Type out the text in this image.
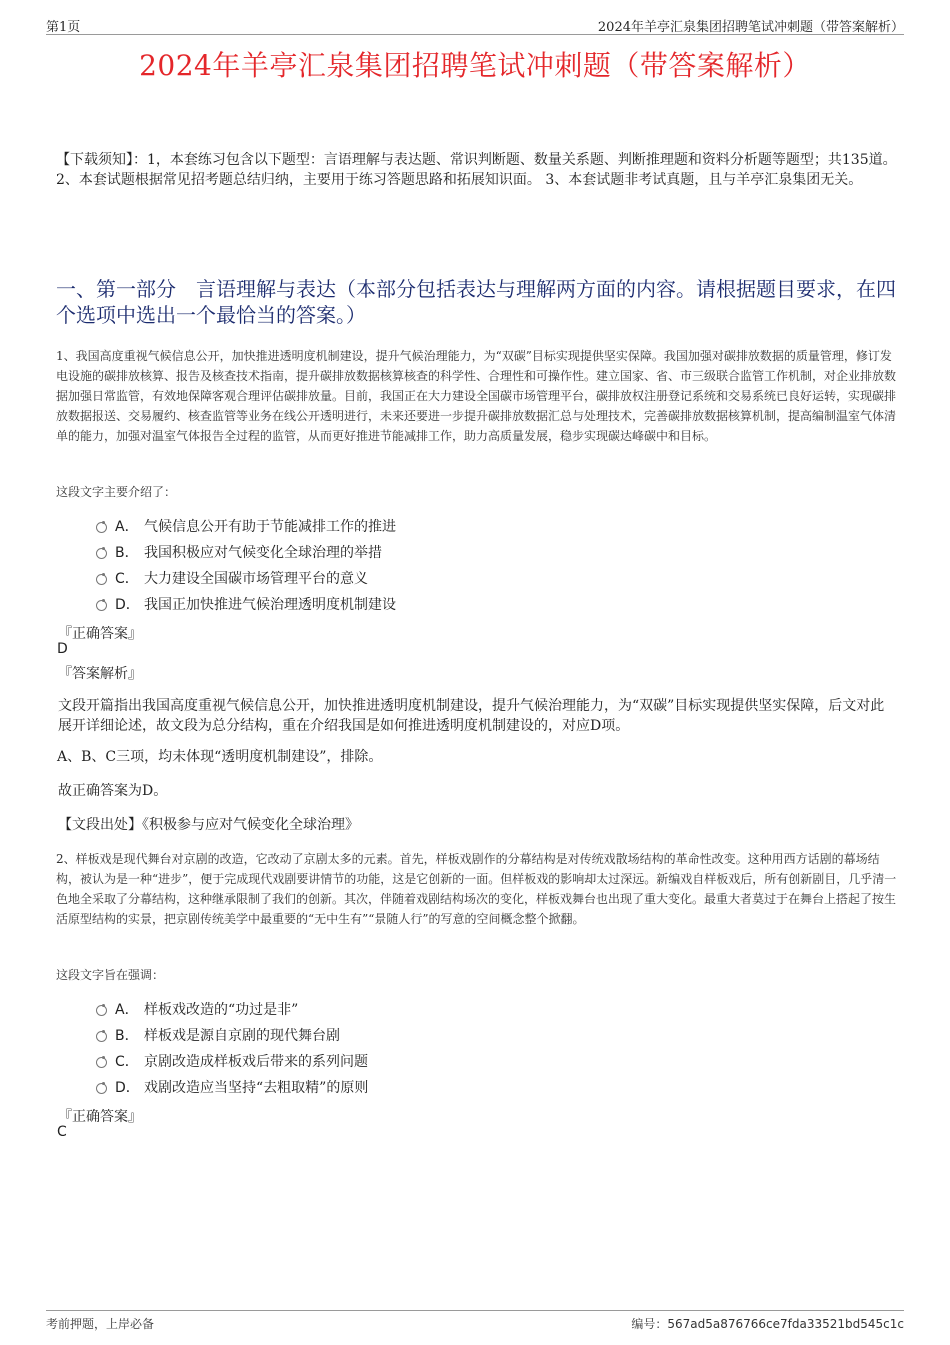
第1页	2024年羊亭汇泉集团招聘笔试冲刺题（带答案解析）
2024年羊亭汇泉集团招聘笔试冲刺题（带答案解析）
【下载须知】：1，本套练习包含以下题型：言语理解与表达题、常识判断题、数量关系题、判断推理题和资料分析题等题型；共135道。 2、本套试题根据常见招考题总结归纳，主要用于练习答题思路和拓展知识面。 3、本套试题非考试真题，且与羊亭汇泉集团无关。
一、第一部分　言语理解与表达（本部分包括表达与理解两方面的内容。请根据题目要求，在四个选项中选出一个最恰当的答案。）
1、我国高度重视气候信息公开，加快推进透明度机制建设，提升气候治理能力，为“双碳”目标实现提供坚实保障。我国加强对碳排放数据的质量管理，修订发电设施的碳排放核算、报告及核查技术指南，提升碳排放数据核算核查的科学性、合理性和可操作性。建立国家、省、市三级联合监管工作机制，对企业排放数据加强日常监管，有效地保障客观合理评估碳排放量。目前，我国正在大力建设全国碳市场管理平台，碳排放权注册登记系统和交易系统已良好运转，实现碳排放数据报送、交易履约、核查监管等业务在线公开透明进行，未来还要进一步提升碳排放数据汇总与处理技术，完善碳排放数据核算机制，提高编制温室气体清单的能力，加强对温室气体报告全过程的监管，从而更好推进节能减排工作，助力高质量发展，稳步实现碳达峰碳中和目标。
这段文字主要介绍了：
A． 气候信息公开有助于节能减排工作的推进
B． 我国积极应对气候变化全球治理的举措
C． 大力建设全国碳市场管理平台的意义
D． 我国正加快推进气候治理透明度机制建设
『正确答案』
D
『答案解析』
文段开篇指出我国高度重视气候信息公开，加快推进透明度机制建设，提升气候治理能力，为“双碳”目标实现提供坚实保障，后文对此展开详细论述，故文段为总分结构，重在介绍我国是如何推进透明度机制建设的，对应D项。
A、B、C三项，均未体现“透明度机制建设”，排除。
故正确答案为D。
【文段出处】《积极参与应对气候变化全球治理》
2、样板戏是现代舞台对京剧的改造，它改动了京剧太多的元素。首先，样板戏剧作的分幕结构是对传统戏散场结构的革命性改变。这种用西方话剧的幕场结构，被认为是一种“进步”，便于完成现代戏剧要讲情节的功能，这是它创新的一面。但样板戏的影响却太过深远。新编戏自样板戏后，所有创新剧目，几乎清一色地全采取了分幕结构，这种继承限制了我们的创新。其次，伴随着戏剧结构场次的变化，样板戏舞台也出现了重大变化。最重大者莫过于在舞台上搭起了按生活原型结构的实景，把京剧传统美学中最重要的“无中生有”“景随人行”的写意的空间概念整个掀翻。
这段文字旨在强调：
A． 样板戏改造的“功过是非”
B． 样板戏是源自京剧的现代舞台剧
C． 京剧改造成样板戏后带来的系列问题
D． 戏剧改造应当坚持“去粗取精”的原则
『正确答案』
C
考前押题，上岸必备	编号：567ad5a876766ce7fda33521bd545c1c
